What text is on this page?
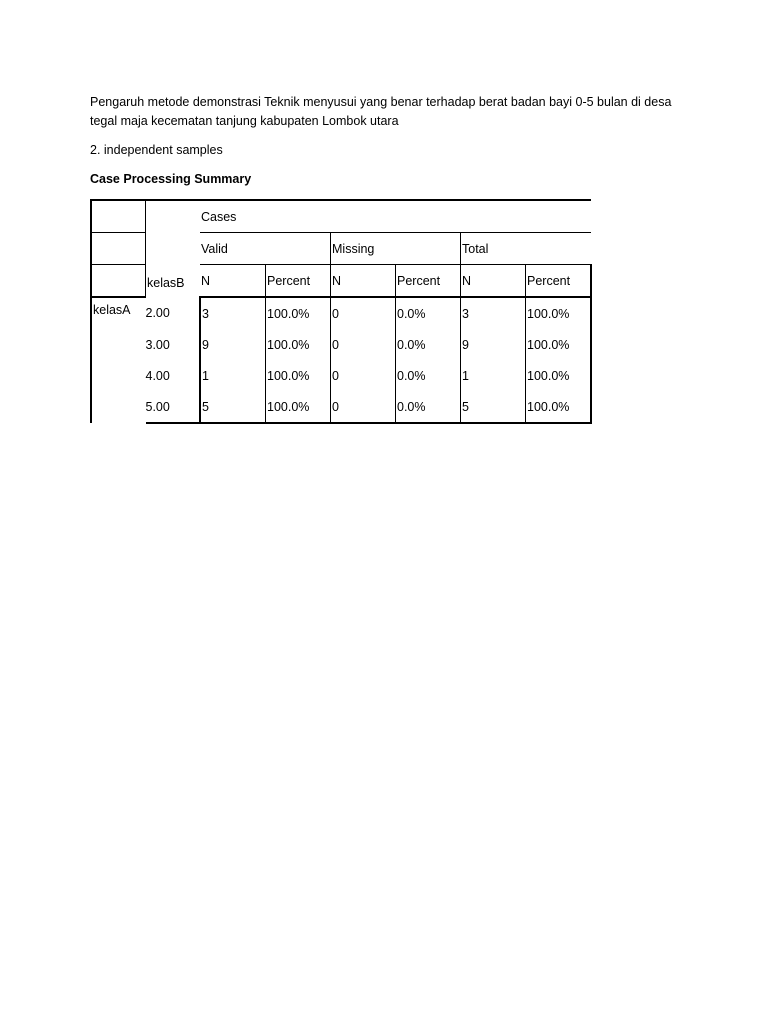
Pengaruh metode demonstrasi Teknik menyusui yang benar terhadap berat badan bayi 0-5 bulan di desa tegal maja kecematan tanjung kabupaten Lombok utara

2. independent samples

Case Processing Summary

	kelasB	Cases					
		Valid		Missing		Total	
		N	Percent	N	Percent	N	Percent
kelasA	2.00	3	100.0%	0	0.0%	3	100.0%
	3.00	9	100.0%	0	0.0%	9	100.0%
	4.00	1	100.0%	0	0.0%	1	100.0%
	5.00	5	100.0%	0	0.0%	5	100.0%
